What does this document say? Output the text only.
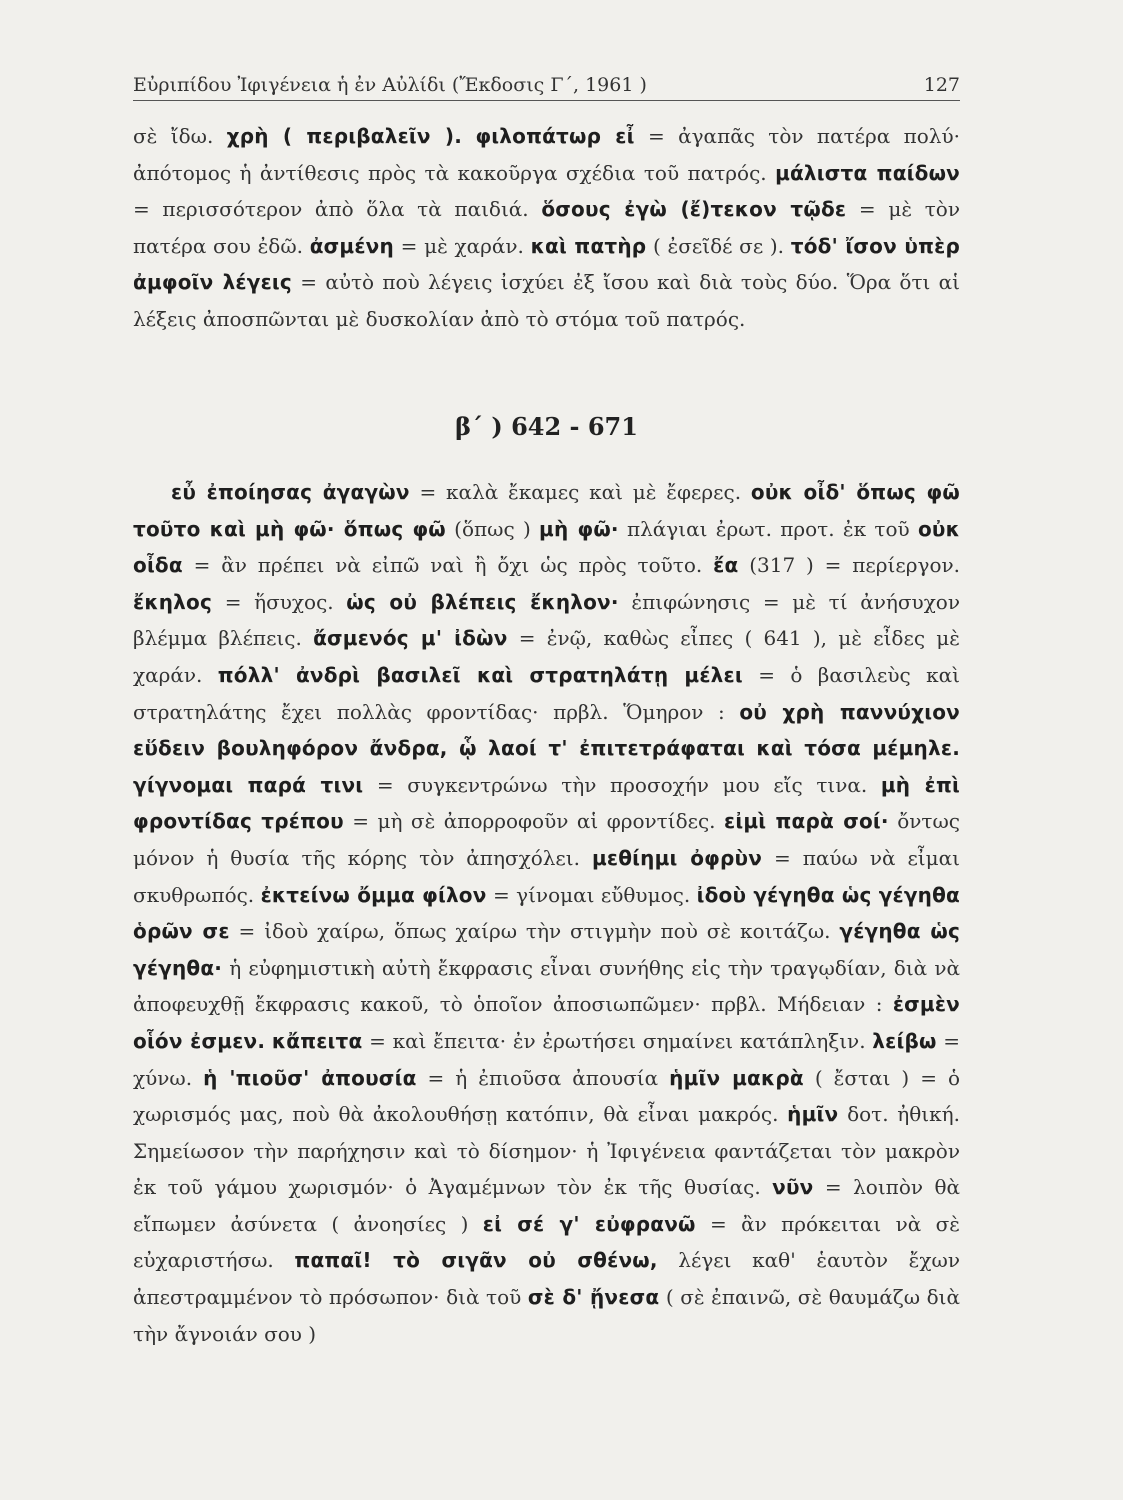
Εὐριπίδου Ἰφιγένεια ἡ ἐν Αὐλίδι (Ἔκδοσις Γ΄, 1961 )	127
σὲ ἴδω. χρὴ ( περιβαλεῖν ). φιλοπάτωρ εἶ = ἀγαπᾶς τὸν πατέρα πολύ· ἀπότομος ἡ ἀντίθεσις πρὸς τὰ κακοῦργα σχέδια τοῦ πατρός. μάλιστα παίδων = περισσότερον ἀπὸ ὅλα τὰ παιδιά. ὅσους ἐγὼ (ἔ)τεκον τῷδε = μὲ τὸν πατέρα σου ἐδῶ. ἀσμένη = μὲ χαράν. καὶ πατὴρ ( ἐσεῖδέ σε ). τόδ' ἴσον ὑπὲρ ἀμφοῖν λέγεις = αὐτὸ ποὺ λέγεις ἰσχύει ἐξ ἴσου καὶ διὰ τοὺς δύο. Ὅρα ὅτι αἱ λέξεις ἀποσπῶνται μὲ δυσκολίαν ἀπὸ τὸ στόμα τοῦ πατρός.
β΄ ) 642 - 671
εὖ ἐποίησας ἀγαγὼν = καλὰ ἔκαμες καὶ μὲ ἔφερες. οὐκ οἶδ' ὅπως φῶ τοῦτο καὶ μὴ φῶ· ὅπως φῶ (ὅπως ) μὴ φῶ· πλάγιαι ἐρωτ. προτ. ἐκ τοῦ οὐκ οἶδα = ἂν πρέπει νὰ εἰπῶ ναὶ ἢ ὄχι ὡς πρὸς τοῦτο. ἔα (317 ) = περίεργον. ἔκηλος = ἥσυχος. ὡς οὐ βλέπεις ἔκηλον· ἐπιφώνησις = μὲ τί ἀνήσυχον βλέμμα βλέπεις. ἄσμενός μ' ἰδὼν = ἐνῷ, καθὼς εἶπες ( 641 ), μὲ εἶδες μὲ χαράν. πόλλ' ἀνδρὶ βασιλεῖ καὶ στρατηλάτῃ μέλει = ὁ βασιλεὺς καὶ στρατηλάτης ἔχει πολλὰς φροντίδας· πρβλ. Ὅμηρον : οὐ χρὴ παννύχιον εὕδειν βουληφόρον ἄνδρα, ᾧ λαοί τ' ἐπιτετράφαται καὶ τόσα μέμηλε. γίγνομαι παρά τινι = συγκεντρώνω τὴν προσοχήν μου εἴς τινα. μὴ ἐπὶ φροντίδας τρέπου = μὴ σὲ ἀπορροφοῦν αἱ φροντίδες. εἰμὶ παρὰ σοί· ὄντως μόνον ἡ θυσία τῆς κόρης τὸν ἀπησχόλει. μεθίημι ὀφρὺν = παύω νὰ εἶμαι σκυθρωπός. ἐκτείνω ὄμμα φίλον = γίνομαι εὔθυμος. ἰδοὺ γέγηθα ὡς γέγηθα ὁρῶν σε = ἰδοὺ χαίρω, ὅπως χαίρω τὴν στιγμὴν ποὺ σὲ κοιτάζω. γέγηθα ὡς γέγηθα· ἡ εὐφημιστικὴ αὐτὴ ἔκφρασις εἶναι συνήθης εἰς τὴν τραγῳδίαν, διὰ νὰ ἀποφευχθῇ ἔκφρασις κακοῦ, τὸ ὁποῖον ἀποσιωπῶμεν· πρβλ. Μήδειαν : ἐσμὲν οἷόν ἐσμεν. κἄπειτα = καὶ ἔπειτα· ἐν ἐρωτήσει σημαίνει κατάπληξιν. λείβω = χύνω. ἡ 'πιοῦσ' ἀπουσία = ἡ ἐπιοῦσα ἀπουσία ἡμῖν μακρὰ ( ἔσται ) = ὁ χωρισμός μας, ποὺ θὰ ἀκολουθήσῃ κατόπιν, θὰ εἶναι μακρός. ἡμῖν δοτ. ἠθική. Σημείωσον τὴν παρήχησιν καὶ τὸ δίσημον· ἡ Ἰφιγένεια φαντάζεται τὸν μακρὸν ἐκ τοῦ γάμου χωρισμόν· ὁ Ἀγαμέμνων τὸν ἐκ τῆς θυσίας. νῦν = λοιπὸν θὰ εἴπωμεν ἀσύνετα ( ἀνοησίες ) εἰ σέ γ' εὐφρανῶ = ἂν πρόκειται νὰ σὲ εὐχαριστήσω. παπαῖ! τὸ σιγᾶν οὐ σθένω, λέγει καθ' ἑαυτὸν ἔχων ἀπεστραμμένον τὸ πρόσωπον· διὰ τοῦ σὲ δ' ᾔνεσα ( σὲ ἐπαινῶ, σὲ θαυμάζω διὰ τὴν ἄγνοιάν σου )
